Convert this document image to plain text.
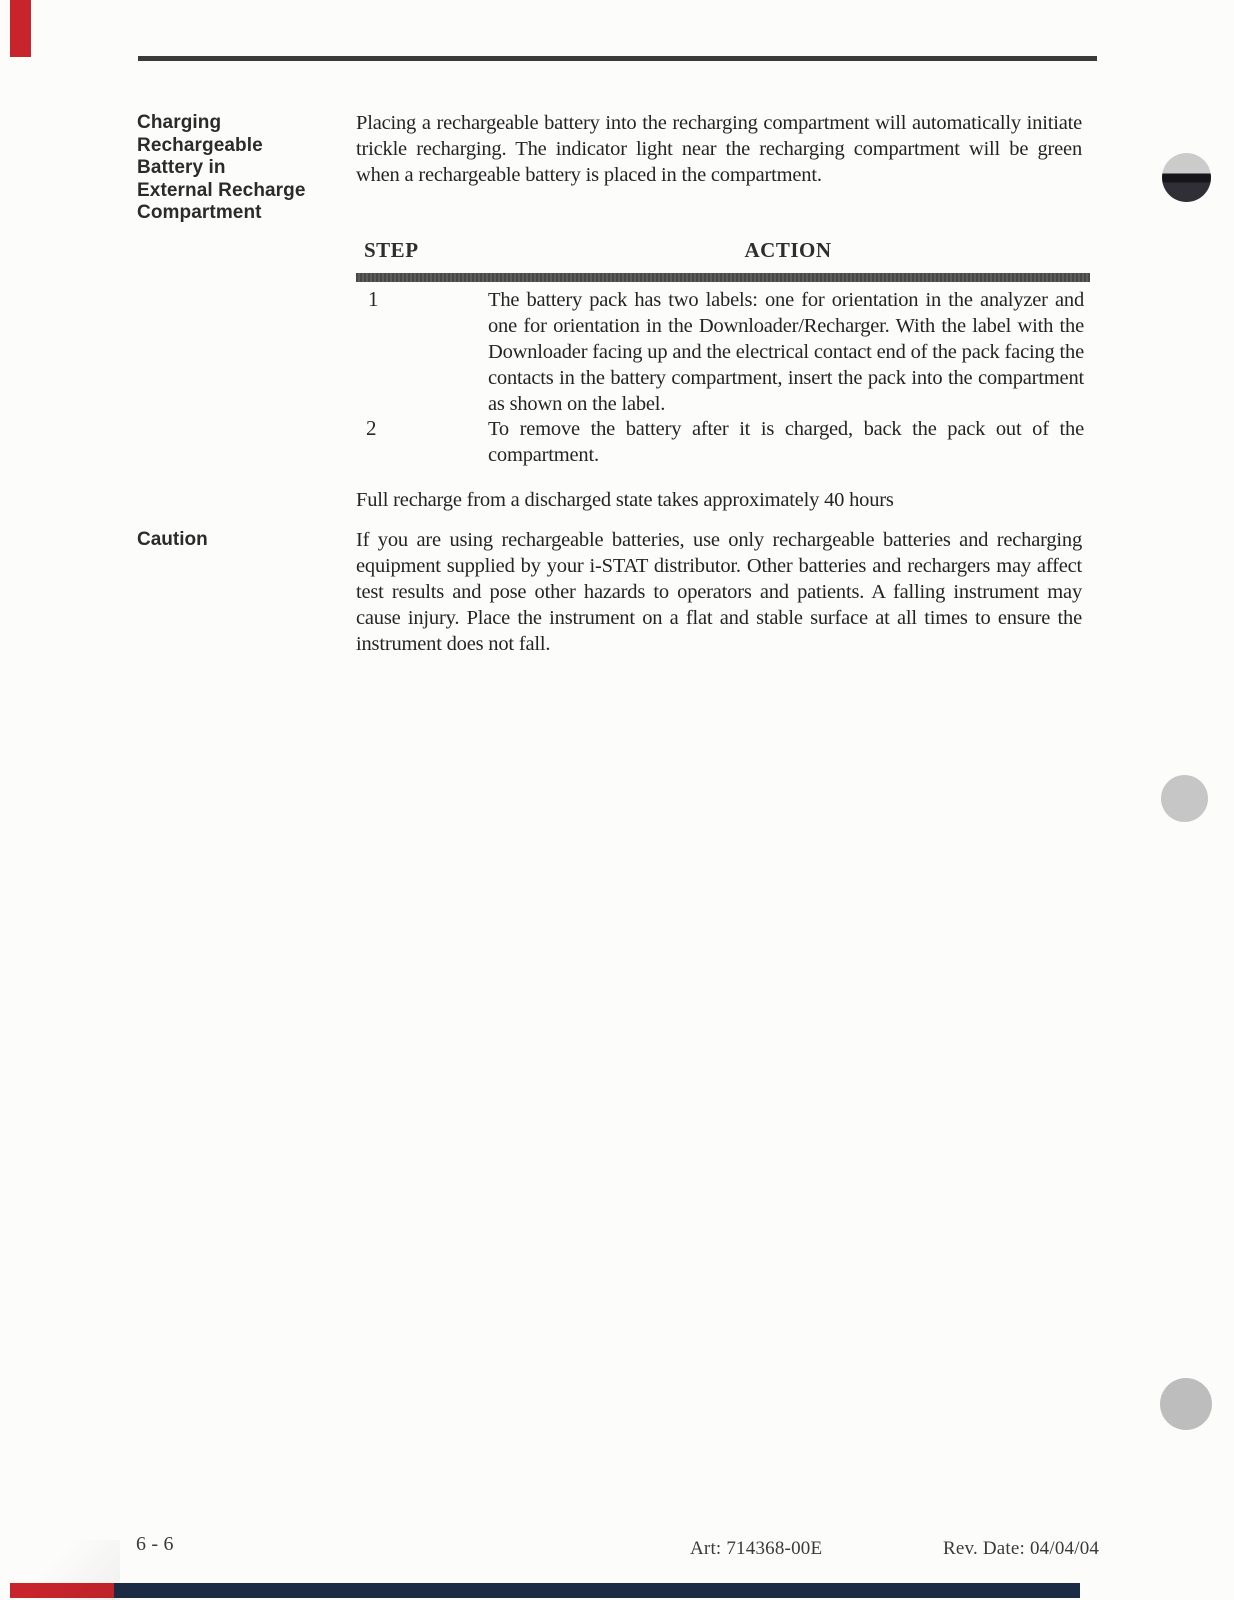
Charging
Rechargeable
Battery in
External Recharge
Compartment
Placing a rechargeable battery into the recharging compartment will automatically initiate trickle recharging. The indicator light near the recharging compartment will be green when a rechargeable battery is placed in the compartment.
STEP	ACTION
1	The battery pack has two labels: one for orientation in the analyzer and one for orientation in the Downloader/Recharger. With the label with the Downloader facing up and the electrical contact end of the pack facing the contacts in the battery compartment, insert the pack into the compartment as shown on the label.
2	To remove the battery after it is charged, back the pack out of the compartment.
Full recharge from a discharged state takes approximately 40 hours
Caution	If you are using rechargeable batteries, use only rechargeable batteries and recharging equipment supplied by your i-STAT distributor. Other batteries and rechargers may affect test results and pose other hazards to operators and patients. A falling instrument may cause injury. Place the instrument on a flat and stable surface at all times to ensure the instrument does not fall.
6 - 6	Art: 714368-00E	Rev. Date: 04/04/04
